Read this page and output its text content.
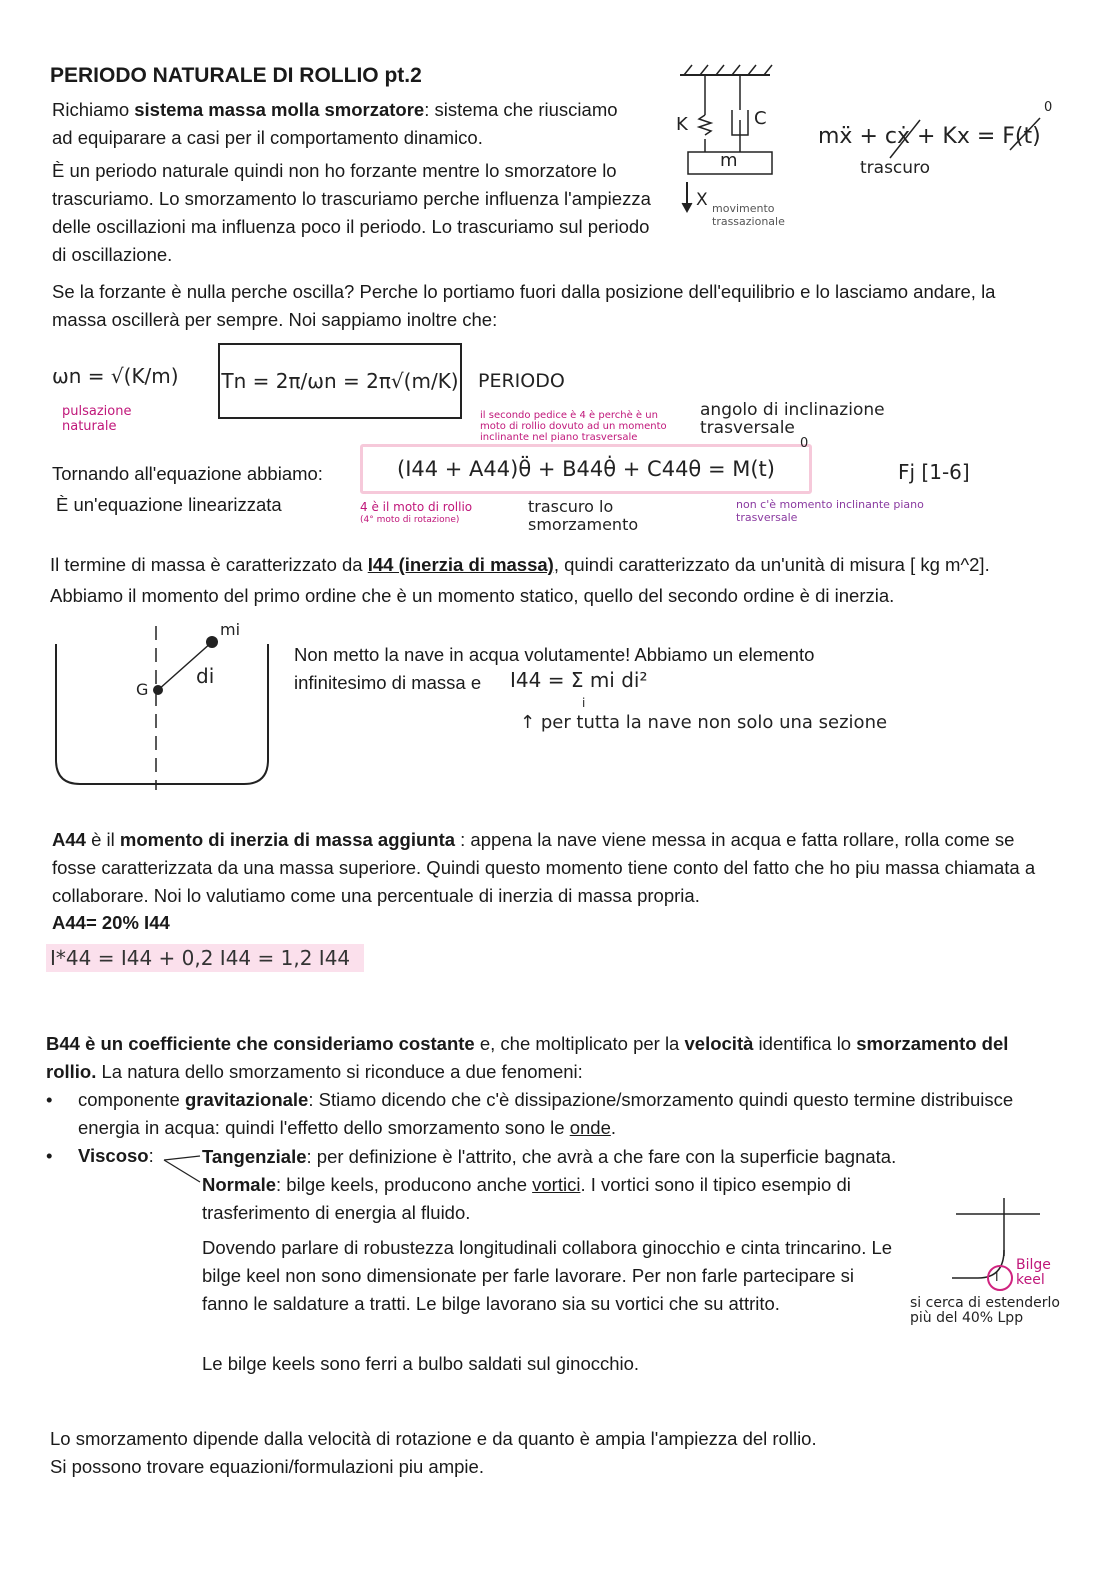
PERIODO NATURALE DI ROLLIO pt.2
Richiamo sistema massa molla smorzatore: sistema che riusciamo ad equiparare a casi per il comportamento dinamico.
È un periodo naturale quindi non ho forzante mentre lo smorzatore lo trascuriamo. Lo smorzamento lo trascuriamo perche influenza l'ampiezza delle oscillazioni ma influenza poco il periodo. Lo trascuriamo sul periodo di oscillazione.
Se la forzante è nulla perche oscilla? Perche lo portiamo fuori dalla posizione dell'equilibrio e lo lasciamo andare, la massa oscillerà per sempre. Noi sappiamo inoltre che:
K	C
m
X movimento trassazionale
mẍ + cẋ + Kx = F(t)
0
trascuro
ωn = √(K/m)
pulsazione naturale
Tn = 2π/ωn = 2π√(m/K) PERIODO
il secondo pedice è 4 è perchè è un moto di rollio dovuto ad un momento inclinante nel piano trasversale
angolo di inclinazione trasversale
Tornando all'equazione abbiamo:
È un'equazione linearizzata
(I44 + A44)θ̈ + B44θ̇ + C44θ = M(t)
0
Fj [1-6]
4 è il moto di rollio
(4° moto di rotazione)
trascuro lo smorzamento
non c'è momento inclinante piano trasversale
Il termine di massa è caratterizzato da I44 (inerzia di massa), quindi caratterizzato da un'unità di misura [ kg m^2].
Abbiamo il momento del primo ordine che è un momento statico, quello del secondo ordine è di inerzia.
G
mi
di
Non metto la nave in acqua volutamente! Abbiamo un elemento
infinitesimo di massa e I44 = Σ mi di²
i
↑ per tutta la nave non solo una sezione
A44 è il momento di inerzia di massa aggiunta : appena la nave viene messa in acqua e fatta rollare, rolla come se fosse caratterizzata da una massa superiore. Quindi questo momento tiene conto del fatto che ho piu massa chiamata a collaborare. Noi lo valutiamo come una percentuale di inerzia di massa propria.
A44= 20% I44
I*44 = I44 + 0,2 I44 = 1,2 I44
B44 è un coefficiente che consideriamo costante e, che moltiplicato per la velocità identifica lo smorzamento del rollio. La natura dello smorzamento si riconduce a due fenomeni:
• componente gravitazionale: Stiamo dicendo che c'è dissipazione/smorzamento quindi questo termine distribuisce energia in acqua: quindi l'effetto dello smorzamento sono le onde.
• Viscoso:	Tangenziale: per definizione è l'attrito, che avrà a che fare con la superficie bagnata.
Normale: bilge keels, producono anche vortici. I vortici sono il tipico esempio di trasferimento di energia al fluido.
Dovendo parlare di robustezza longitudinali collabora ginocchio e cinta trincarino. Le bilge keel non sono dimensionate per farle lavorare. Per non farle partecipare si fanno le saldature a tratti. Le bilge lavorano sia su vortici che su attrito.
Le bilge keels sono ferri a bulbo saldati sul ginocchio.
I
Bilge keel
si cerca di estenderlo più del 40% Lpp
Lo smorzamento dipende dalla velocità di rotazione e da quanto è ampia l'ampiezza del rollio.
Si possono trovare equazioni/formulazioni piu ampie.
